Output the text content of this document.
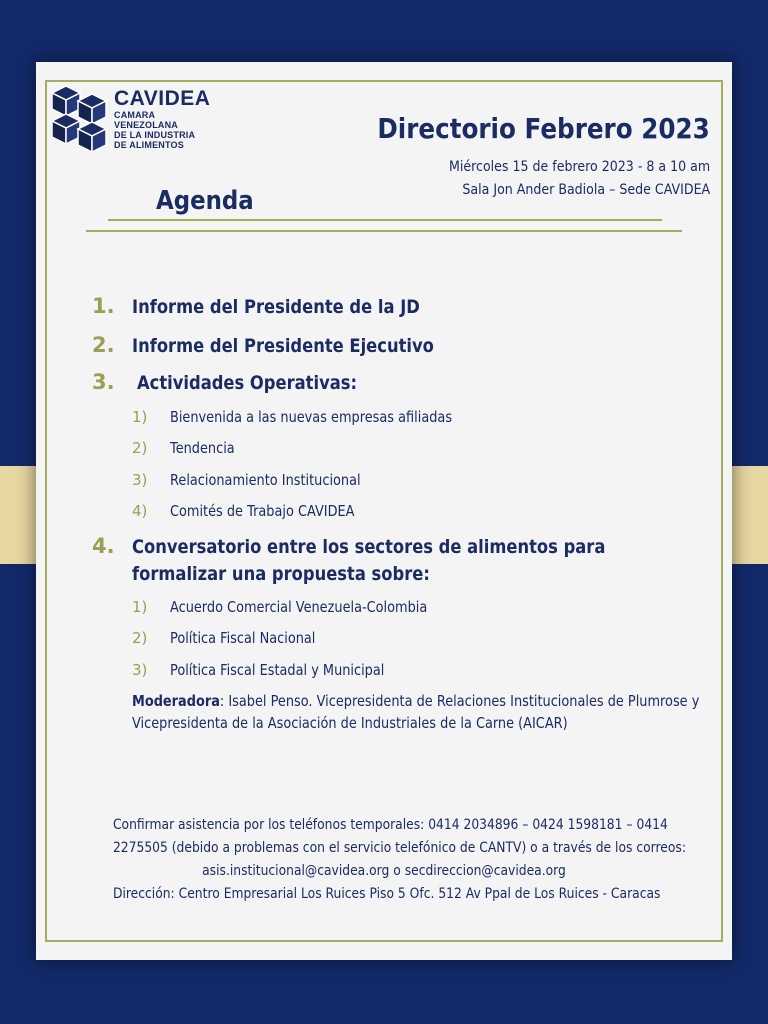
CAVIDEA
CAMARA
VENEZOLANA
DE LA INDUSTRIA
DE ALIMENTOS	Directorio Febrero 2023
Miércoles 15 de febrero 2023 - 8 a 10 am
Sala Jon Ander Badiola – Sede CAVIDEA
Agenda
1. Informe del Presidente de la JD
2. Informe del Presidente Ejecutivo
3.	Actividades Operativas:
1)	Bienvenida a las nuevas empresas afiliadas
2)	Tendencia
3)	Relacionamiento Institucional
4)	Comités de Trabajo CAVIDEA
4. Conversatorio entre los sectores de alimentos para formalizar una propuesta sobre:
1)	Acuerdo Comercial Venezuela-Colombia
2)	Política Fiscal Nacional
3)	Política Fiscal Estadal y Municipal
Moderadora: Isabel Penso. Vicepresidenta de Relaciones Institucionales de Plumrose y Vicepresidenta de la Asociación de Industriales de la Carne (AICAR)
Confirmar asistencia por los teléfonos temporales: 0414 2034896 – 0424 1598181 – 0414
2275505 (debido a problemas con el servicio telefónico de CANTV) o a través de los correos:
asis.institucional@cavidea.org o secdireccion@cavidea.org
Dirección: Centro Empresarial Los Ruices Piso 5 Ofc. 512 Av Ppal de Los Ruices - Caracas
